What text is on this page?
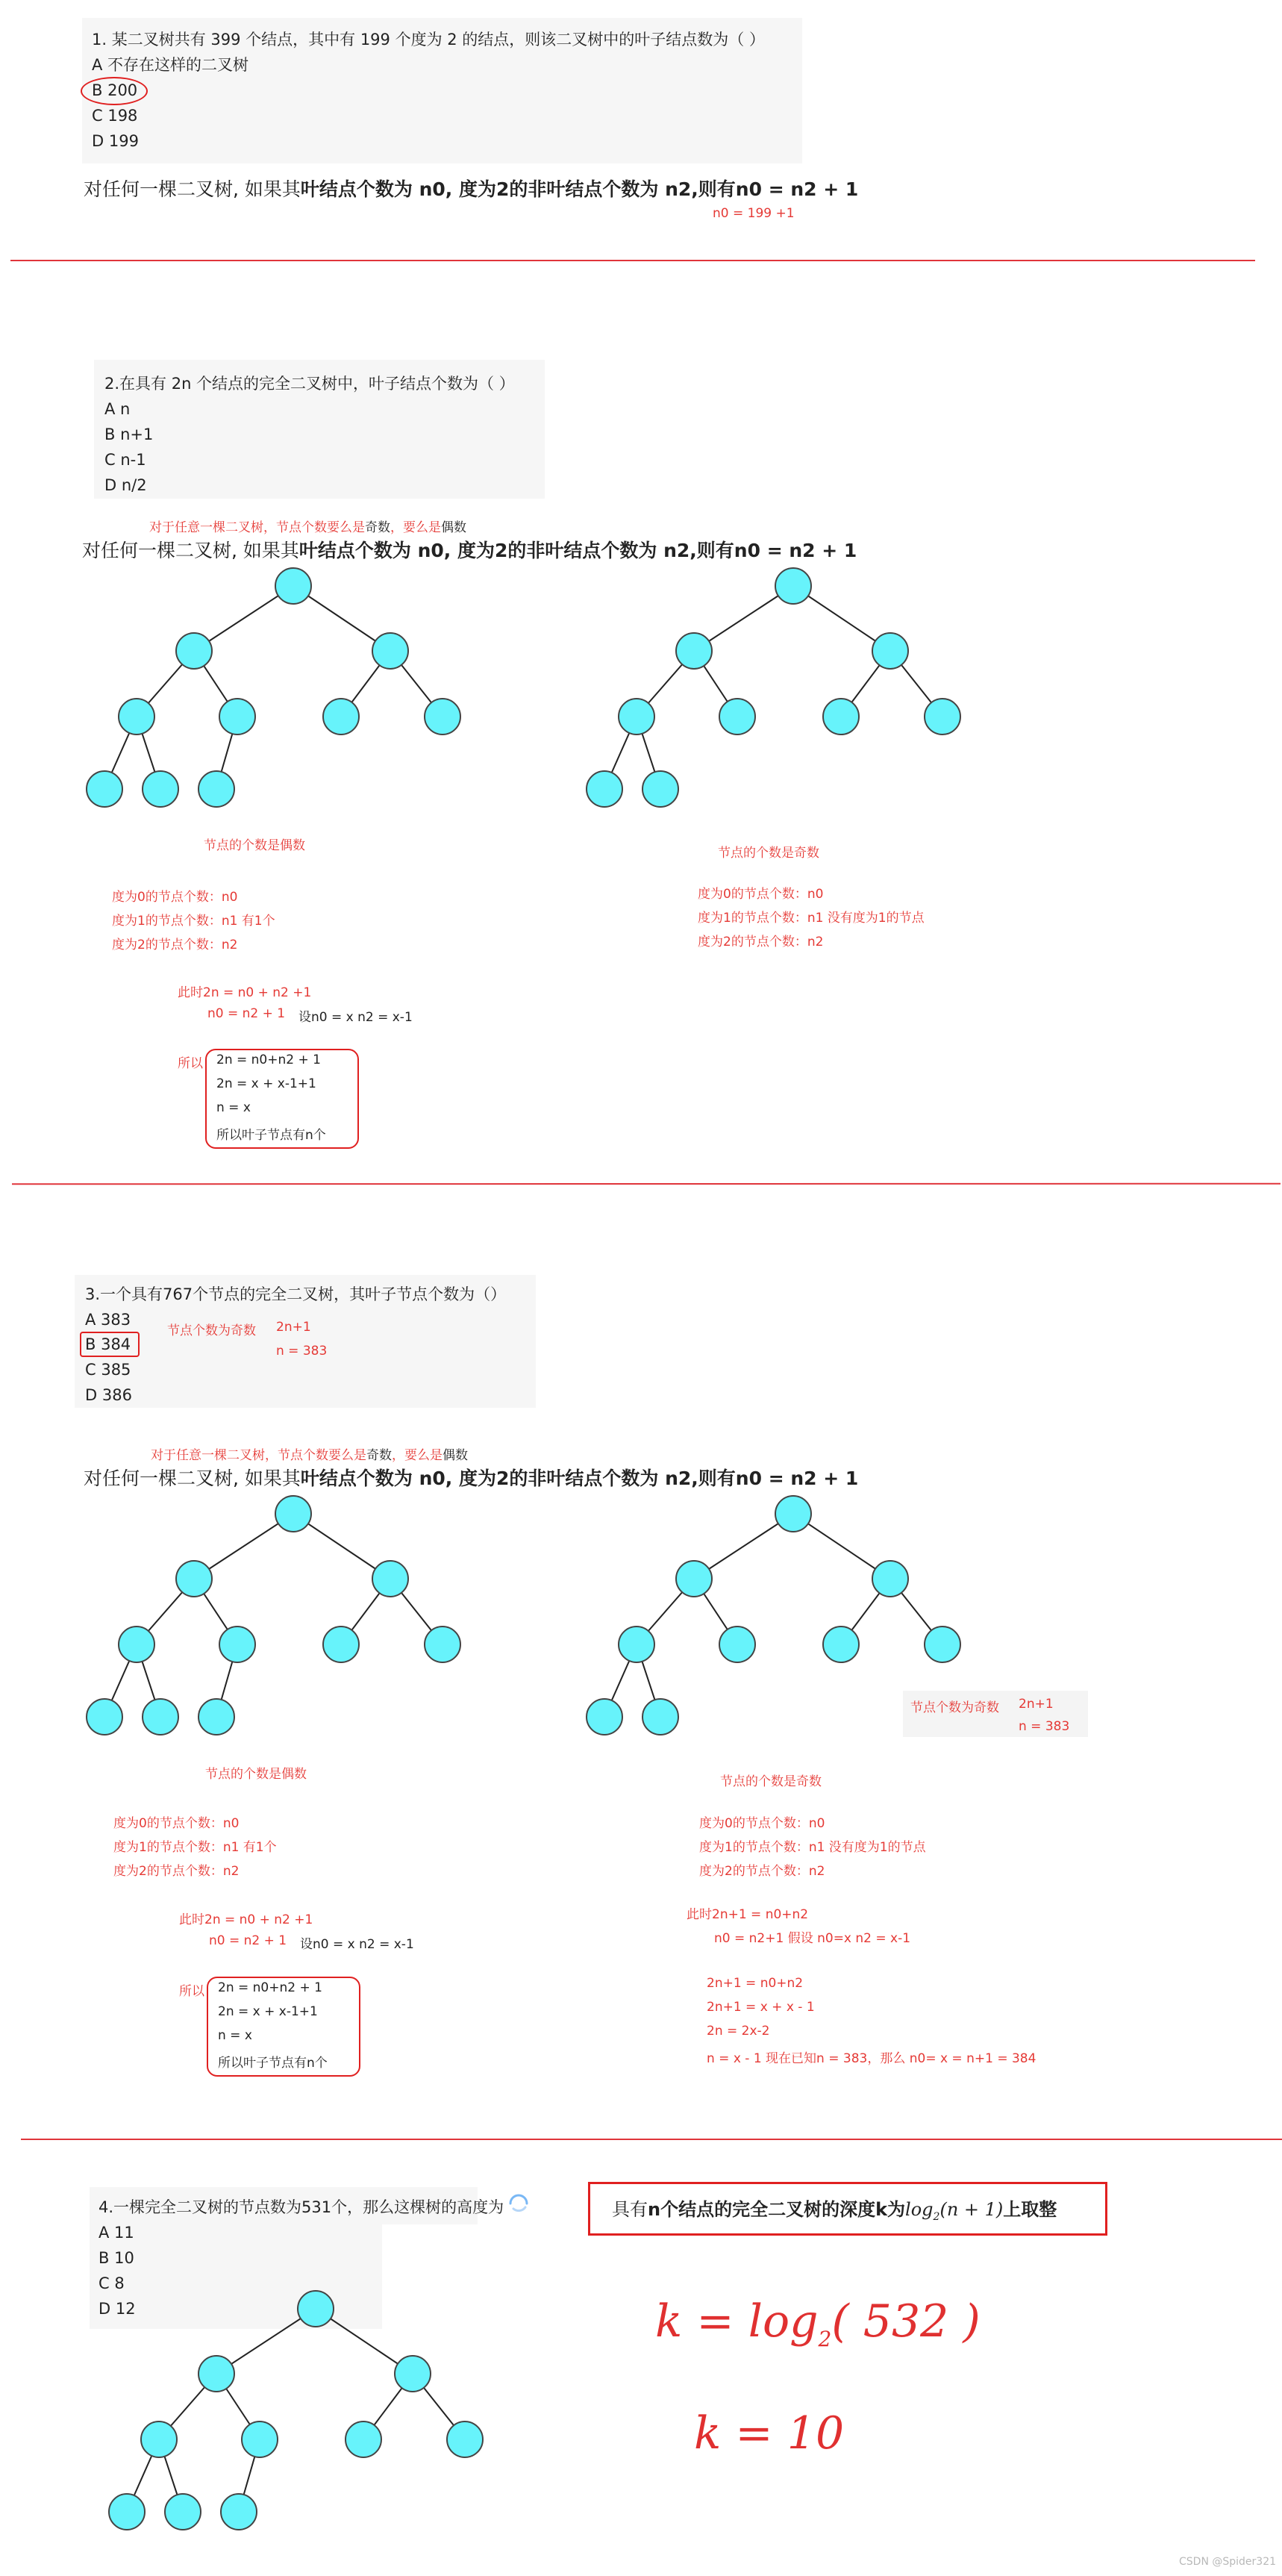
1. 某二叉树共有 399 个结点，其中有 199 个度为 2 的结点，则该二叉树中的叶子结点数为（ ）
A 不存在这样的二叉树
B 200
C 198
D 199
对任何一棵二叉树, 如果其叶结点个数为 n0, 度为2的非叶结点个数为 n2,则有n0 = n2 + 1
n0 = 199 +1
2.在具有 2n 个结点的完全二叉树中，叶子结点个数为（ ）
A n
B n+1
C n-1
D n/2
对于任意一棵二叉树，节点个数要么是奇数，要么是偶数
对任何一棵二叉树, 如果其叶结点个数为 n0, 度为2的非叶结点个数为 n2,则有n0 = n2 + 1
节点的个数是偶数
度为0的节点个数：n0
度为1的节点个数：n1 有1个
度为2的节点个数：n2
节点的个数是奇数
度为0的节点个数：n0
度为1的节点个数：n1 没有度为1的节点
度为2的节点个数：n2
此时2n = n0 + n2 +1
n0 = n2 + 1 设n0 = x n2 = x-1
所以 2n = n0+n2 + 1
2n = x + x-1+1
n = x
所以叶子节点有n个
3.一个具有767个节点的完全二叉树，其叶子节点个数为（）
A 383
B 384
C 385
D 386
节点个数为奇数 2n+1
n = 383
对于任意一棵二叉树，节点个数要么是奇数，要么是偶数
对任何一棵二叉树, 如果其叶结点个数为 n0, 度为2的非叶结点个数为 n2,则有n0 = n2 + 1
节点个数为奇数 2n+1
n = 383
节点的个数是偶数
度为0的节点个数：n0
度为1的节点个数：n1 有1个
度为2的节点个数：n2
节点的个数是奇数
度为0的节点个数：n0
度为1的节点个数：n1 没有度为1的节点
度为2的节点个数：n2
此时2n = n0 + n2 +1
n0 = n2 + 1 设n0 = x n2 = x-1
所以 2n = n0+n2 + 1
2n = x + x-1+1
n = x
所以叶子节点有n个
此时2n+1 = n0+n2
n0 = n2+1 假设 n0=x n2 = x-1
2n+1 = n0+n2
2n+1 = x + x - 1
2n = 2x-2
n = x - 1 现在已知n = 383，那么 n0= x = n+1 = 384
4.一棵完全二叉树的节点数为531个，那么这棵树的高度为
A 11
B 10
C 8
D 12
具有n个结点的完全二叉树的深度k为$\log_2(n + 1)$上取整
$k = \log_2$( 532 )
k = 10
CSDN @Spider321
